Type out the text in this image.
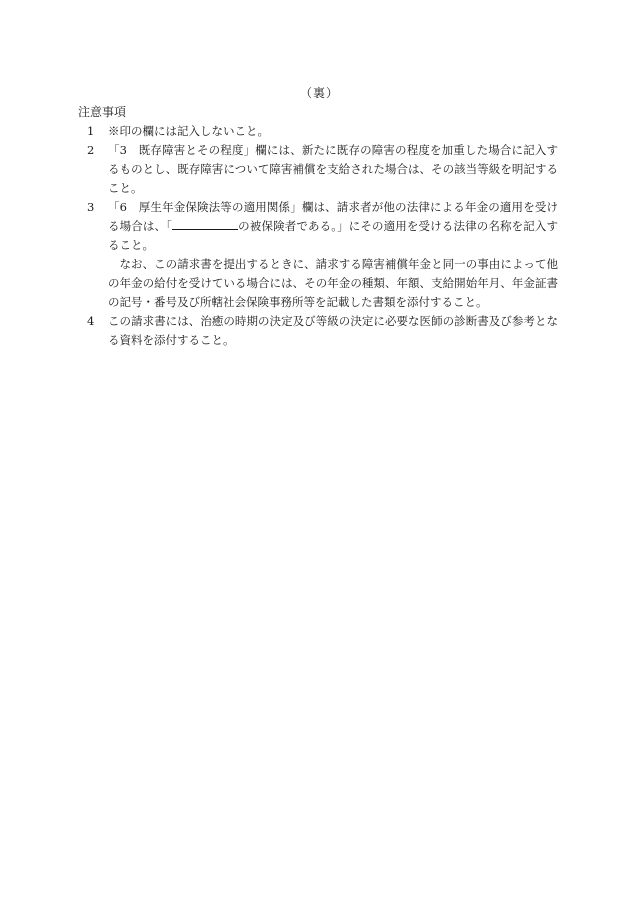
（裏）
注意事項
1	※印の欄には記入しないこと。

2	「3　既存障害とその程度」欄には、新たに既存の障害の程度を加重した場合に記入するものとし、既存障害について障害補償を支給された場合は、その該当等級を明記すること。

3	「6　厚生年金保険法等の適用関係」欄は、請求者が他の法律による年金の適用を受ける場合は、「	の被保険者である。」にその適用を受ける法律の名称を記入すること。

なお、この請求書を提出するときに、請求する障害補償年金と同一の事由によって他の年金の給付を受けている場合には、その年金の種類、年額、支給開始年月、年金証書の記号・番号及び所轄社会保険事務所等を記載した書類を添付すること。

4	この請求書には、治癒の時期の決定及び等級の決定に必要な医師の診断書及び参考となる資料を添付すること。
